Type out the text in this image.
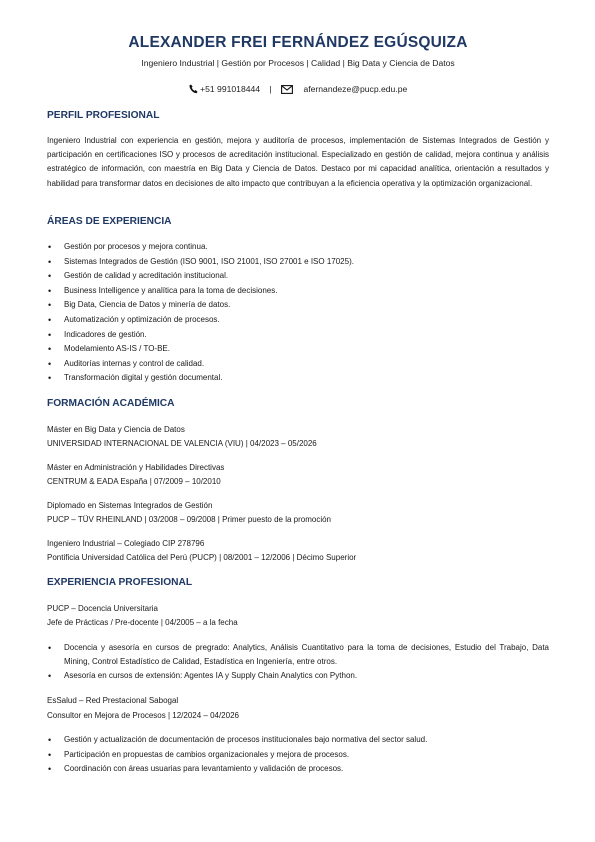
ALEXANDER FREI FERNÁNDEZ EGÚSQUIZA
Ingeniero Industrial | Gestión por Procesos | Calidad | Big Data y Ciencia de Datos
+51 991018444 |	afernandeze@pucp.edu.pe
PERFIL PROFESIONAL
Ingeniero Industrial con experiencia en gestión, mejora y auditoría de procesos, implementación de Sistemas Integrados de Gestión y participación en certificaciones ISO y procesos de acreditación institucional. Especializado en gestión de calidad, mejora continua y análisis estratégico de información, con maestría en Big Data y Ciencia de Datos. Destaco por mi capacidad analítica, orientación a resultados y habilidad para transformar datos en decisiones de alto impacto que contribuyan a la eficiencia operativa y la optimización organizacional.
ÁREAS DE EXPERIENCIA
• Gestión por procesos y mejora continua.
• Sistemas Integrados de Gestión (ISO 9001, ISO 21001, ISO 27001 e ISO 17025).
• Gestión de calidad y acreditación institucional.
• Business Intelligence y analítica para la toma de decisiones.
• Big Data, Ciencia de Datos y minería de datos.
• Automatización y optimización de procesos.
• Indicadores de gestión.
• Modelamiento AS-IS / TO-BE.
• Auditorías internas y control de calidad.
• Transformación digital y gestión documental.
FORMACIÓN ACADÉMICA
Máster en Big Data y Ciencia de Datos
UNIVERSIDAD INTERNACIONAL DE VALENCIA (VIU) | 04/2023 – 05/2026
Máster en Administración y Habilidades Directivas
CENTRUM & EADA España | 07/2009 – 10/2010
Diplomado en Sistemas Integrados de Gestión
PUCP – TÜV RHEINLAND | 03/2008 – 09/2008 | Primer puesto de la promoción
Ingeniero Industrial – Colegiado CIP 278796
Pontificia Universidad Católica del Perú (PUCP) | 08/2001 – 12/2006 | Décimo Superior
EXPERIENCIA PROFESIONAL
PUCP – Docencia Universitaria
Jefe de Prácticas / Pre-docente | 04/2005 – a la fecha
• Docencia y asesoría en cursos de pregrado: Analytics, Análisis Cuantitativo para la toma de decisiones, Estudio del Trabajo, Data Mining, Control Estadístico de Calidad, Estadística en Ingeniería, entre otros.
• Asesoría en cursos de extensión: Agentes IA y Supply Chain Analytics con Python.
EsSalud – Red Prestacional Sabogal
Consultor en Mejora de Procesos | 12/2024 – 04/2026
• Gestión y actualización de documentación de procesos institucionales bajo normativa del sector salud.
• Participación en propuestas de cambios organizacionales y mejora de procesos.
• Coordinación con áreas usuarias para levantamiento y validación de procesos.
